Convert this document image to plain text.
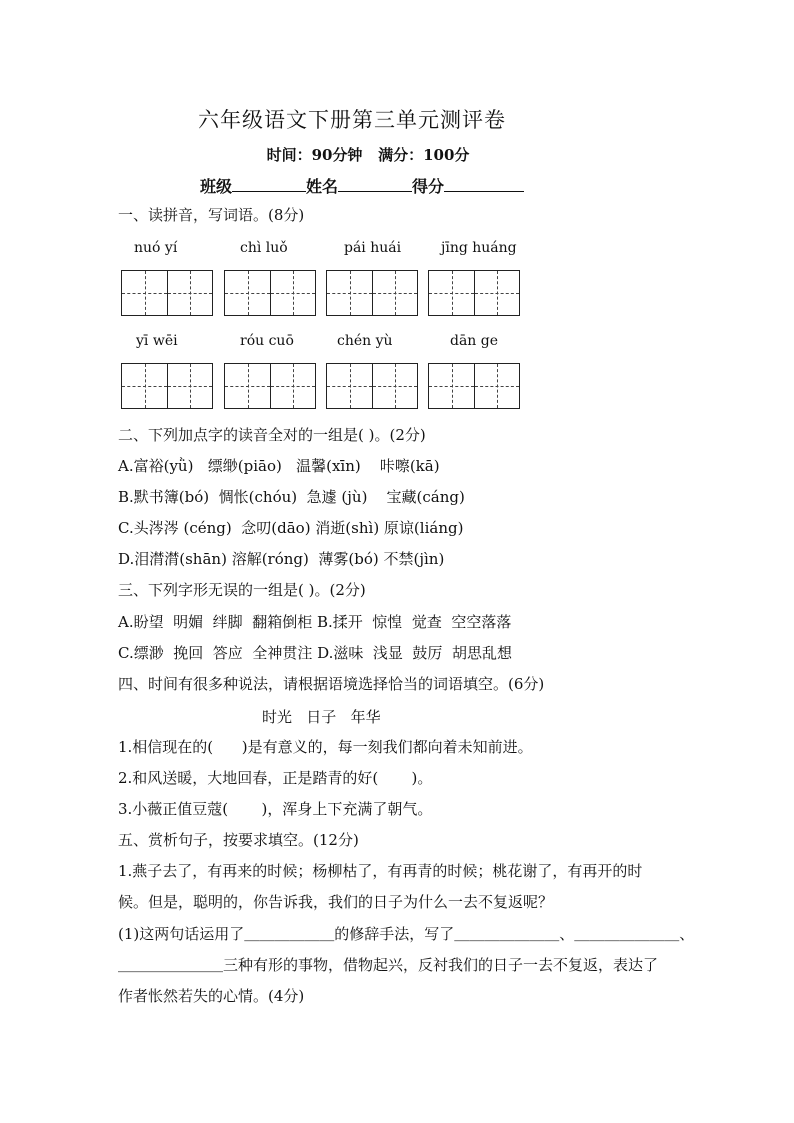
六年级语文下册第三单元测评卷
时间：90分钟 满分：100分
班级	姓名	得分
一、读拼音，写词语。(8分)
nuó yí	chì luǒ	pái huái	jīng huáng
yī wēi	róu cuō	chén yù	dān ge
二、下列加点字的读音全对的一组是( )。(2分)
A.富裕(yǜ)   缥缈(piāo)   温馨(xīn)    咔嚓(kā)
B.默书簿(bó)  惆怅(chóu)  急遽 (jù)    宝藏(cáng)
C.头涔涔 (céng)  念叨(dāo) 消逝(shì) 原谅(liáng)
D.泪潸潸(shān) 溶解(róng)  薄雾(bó) 不禁(jìn)
三、下列字形无误的一组是( )。(2分)
A.盼望  明媚  绊脚  翻箱倒柜 B.揉开  惊惶  觉查  空空落落
C.缥渺  挽回  答应  全神贯注 D.滋味  浅显  鼓厉  胡思乱想
四、时间有很多种说法，请根据语境选择恰当的词语填空。(6分)
时光   日子   年华
1.相信现在的(      )是有意义的，每一刻我们都向着未知前进。
2.和风送暖，大地回春，正是踏青的好(       )。
3.小薇正值豆蔻(       )，浑身上下充满了朝气。
五、赏析句子，按要求填空。(12分)
1.燕子去了，有再来的时候；杨柳枯了，有再青的时候；桃花谢了，有再开的时
候。但是，聪明的，你告诉我，我们的日子为什么一去不复返呢？
(1)这两句话运用了＿＿＿＿＿＿的修辞手法，写了＿＿＿＿＿＿＿、＿＿＿＿＿＿＿、
＿＿＿＿＿＿＿三种有形的事物，借物起兴，反衬我们的日子一去不复返，表达了
作者怅然若失的心情。(4分)
